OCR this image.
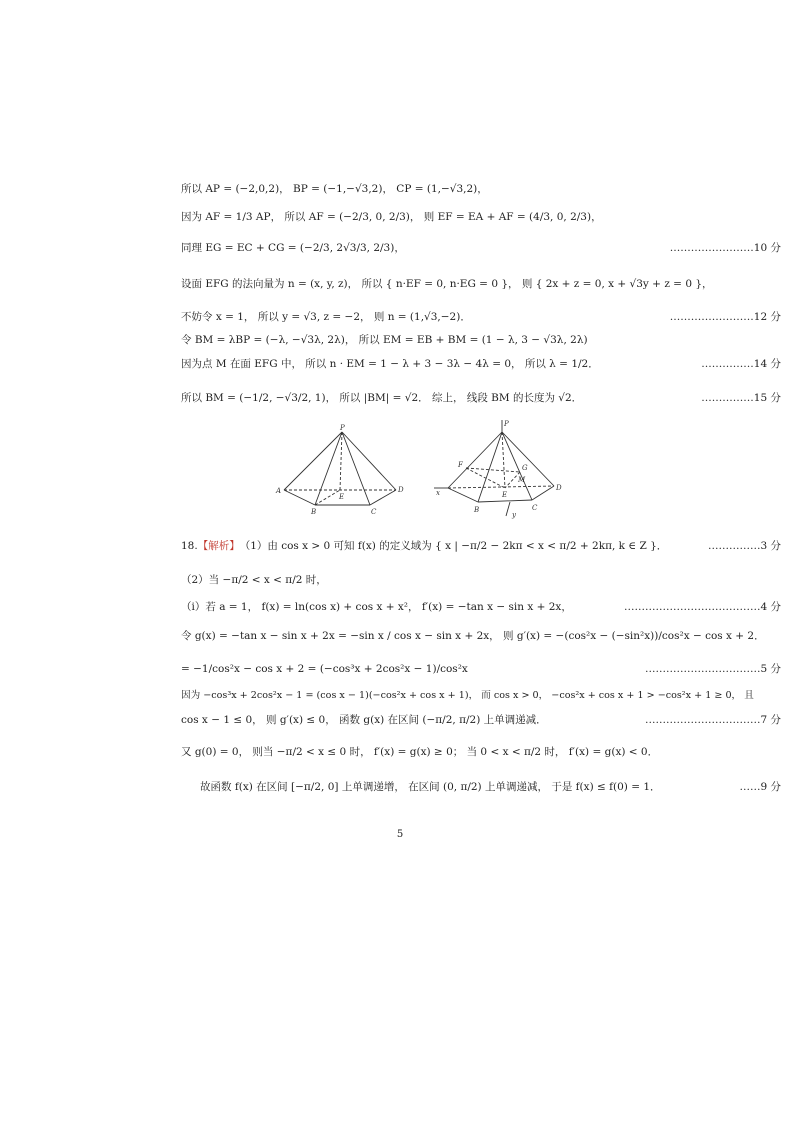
所以 AP = (−2,0,2)， BP = (−1,−√3,2)， CP = (1,−√3,2)，
因为 AF = 1/3 AP， 所以 AF = (−2/3, 0, 2/3)， 则 EF = EA + AF = (4/3, 0, 2/3)，
同理 EG = EC + CG = (−2/3, 2√3/3, 2/3)，	……………………10 分
设面 EFG 的法向量为 n = (x, y, z)， 所以 { n·EF = 0, n·EG = 0 }， 则 { 2x + z = 0, x + √3y + z = 0 }，
不妨令 x = 1， 所以 y = √3, z = −2， 则 n = (1,√3,−2)．	……………………12 分
令 BM = λBP = (−λ, −√3λ, 2λ)， 所以 EM = EB + BM = (1 − λ, 3 − √3λ, 2λ)
因为点 M 在面 EFG 中， 所以 n · EM = 1 − λ + 3 − 3λ − 4λ = 0， 所以 λ = 1/2．	……………14 分
所以 BM = (−1/2, −√3/2, 1)， 所以 |BM| = √2． 综上， 线段 BM 的长度为 √2．	……………15 分
P
A
B	C
D
E
P
F	G
M
E
B	C
D
x
y
18.【解析】（1）由 cos x > 0 可知 f(x) 的定义域为 { x | −π/2 − 2kπ < x < π/2 + 2kπ, k ∈ Z }．	……………3 分
（2）当 −π/2 < x < π/2 时，
（i）若 a = 1， f(x) = ln(cos x) + cos x + x²， f′(x) = −tan x − sin x + 2x，	…………………………………4 分
令 g(x) = −tan x − sin x + 2x = −sin x / cos x − sin x + 2x， 则 g′(x) = −(cos²x − (−sin²x))/cos²x − cos x + 2．
= −1/cos²x − cos x + 2 = (−cos³x + 2cos²x − 1)/cos²x	……………………………5 分
因为 −cos³x + 2cos²x − 1 = (cos x − 1)(−cos²x + cos x + 1)， 而 cos x > 0， −cos²x + cos x + 1 > −cos²x + 1 ≥ 0， 且
cos x − 1 ≤ 0， 则 g′(x) ≤ 0， 函数 g(x) 在区间 (−π/2, π/2) 上单调递减．	……………………………7 分
又 g(0) = 0， 则当 −π/2 < x ≤ 0 时， f′(x) = g(x) ≥ 0； 当 0 < x < π/2 时， f′(x) = g(x) < 0．
故函数 f(x) 在区间 [−π/2, 0] 上单调递增， 在区间 (0, π/2) 上单调递减， 于是 f(x) ≤ f(0) = 1．	……9 分
5
